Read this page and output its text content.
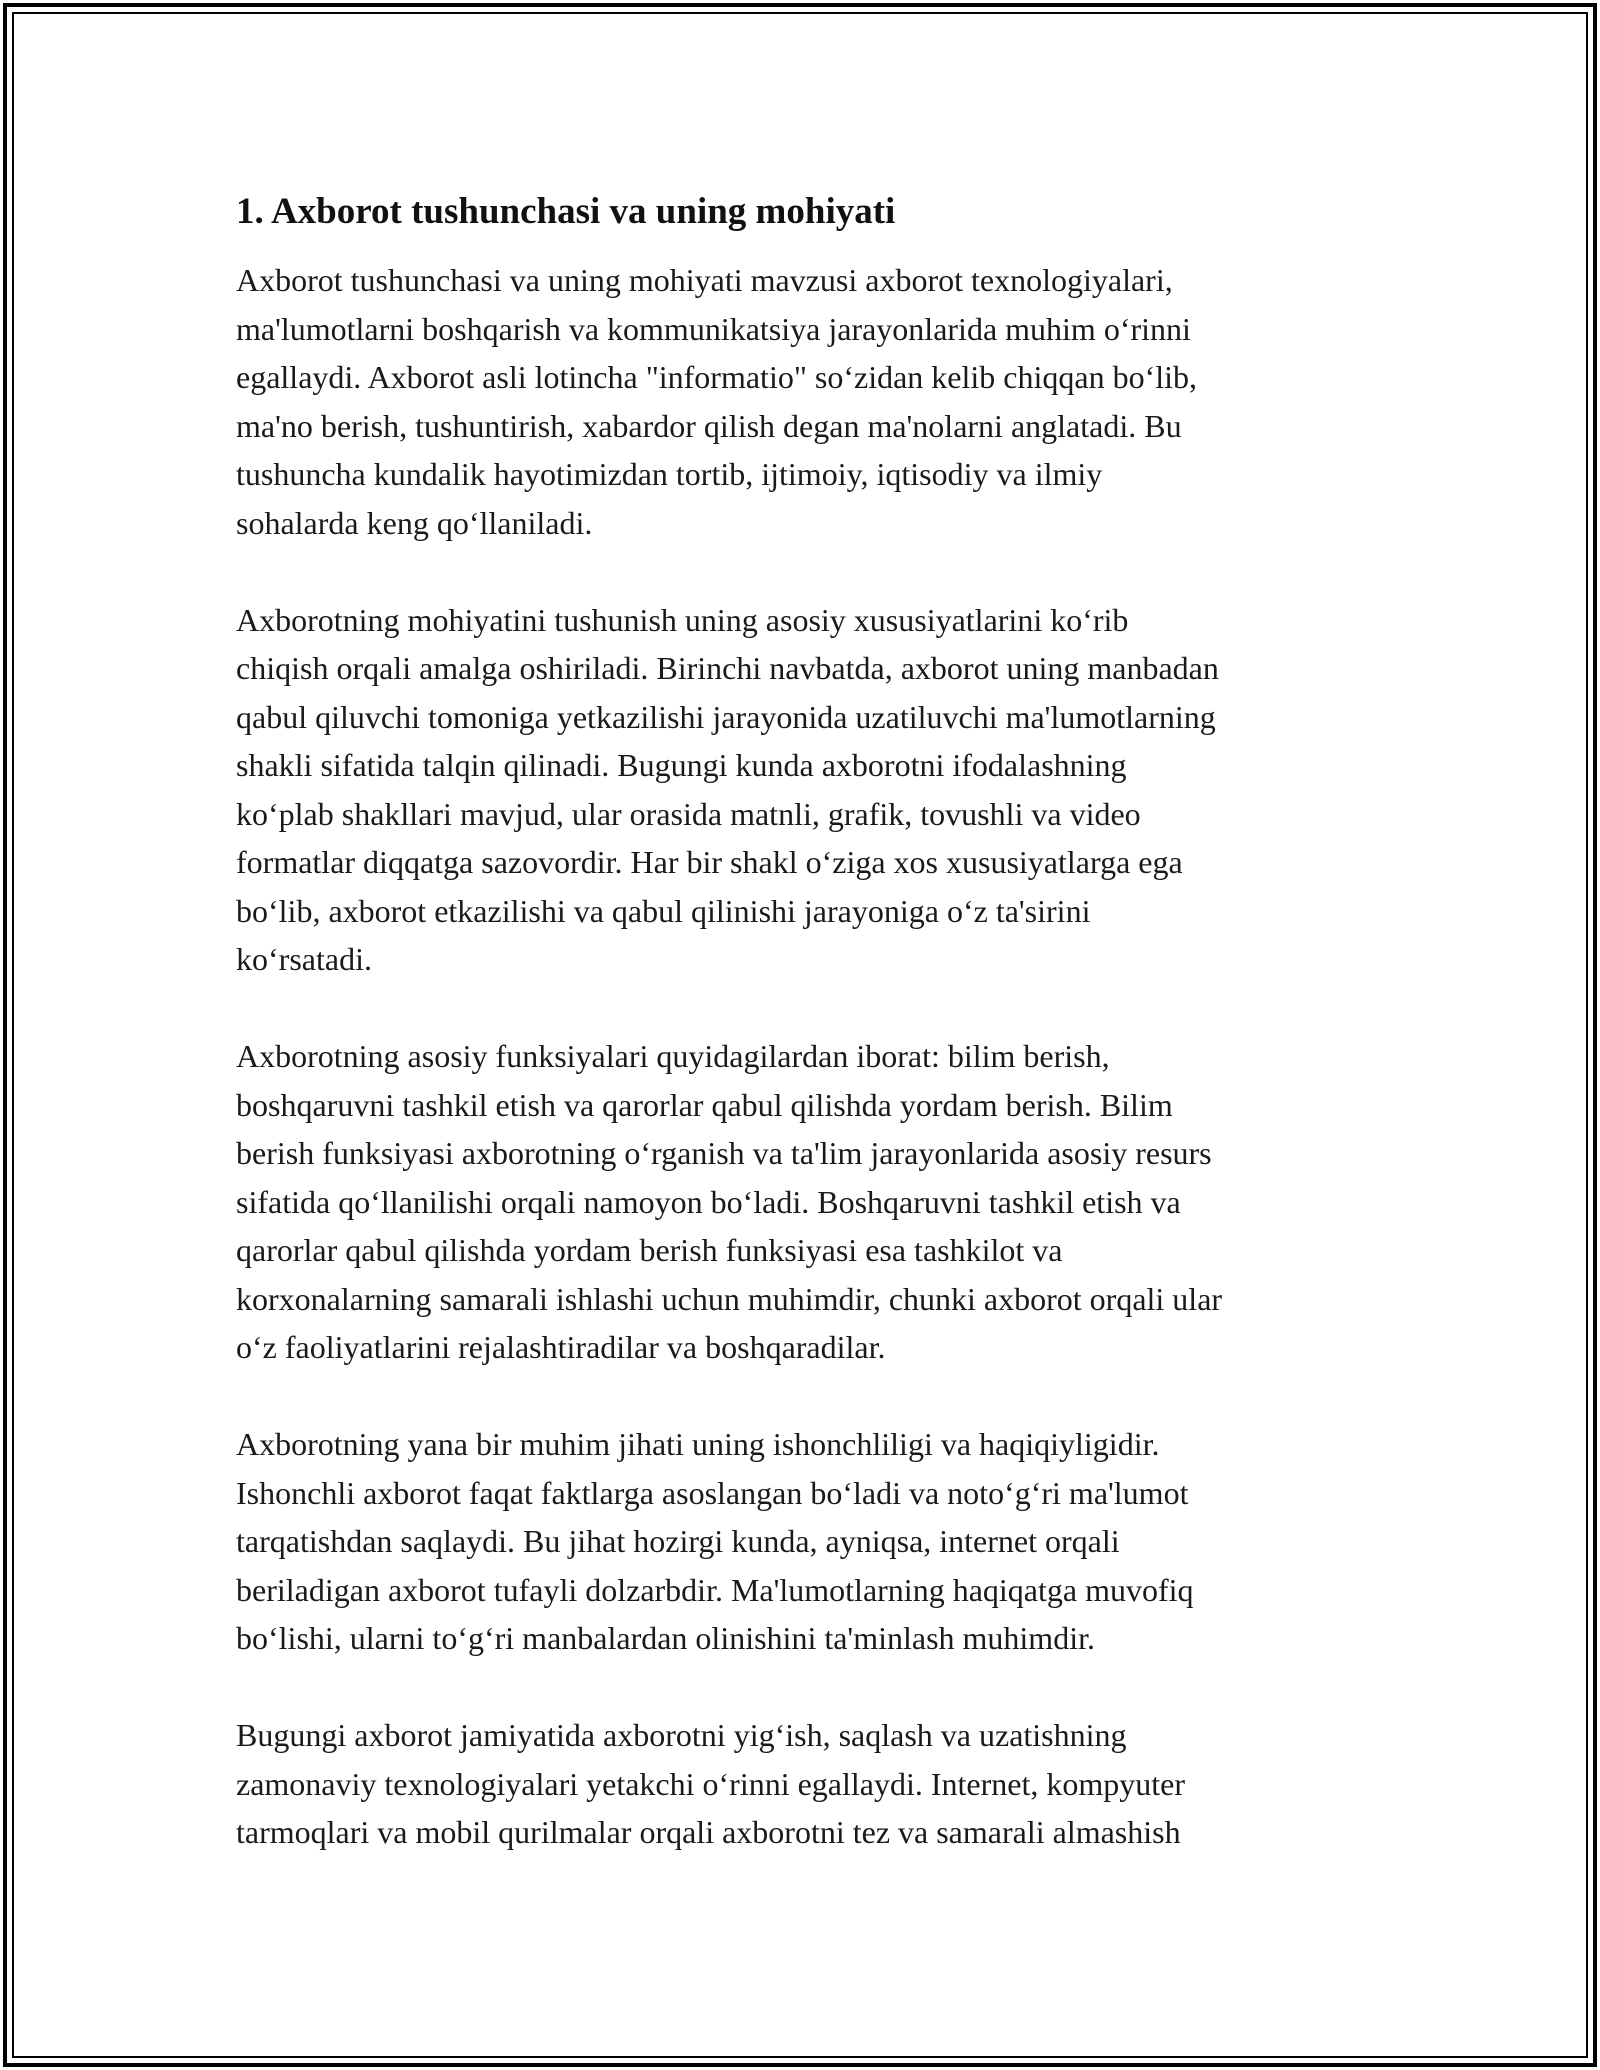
1. Axborot tushunchasi va uning mohiyati

Axborot tushunchasi va uning mohiyati mavzusi axborot texnologiyalari,
ma'lumotlarni boshqarish va kommunikatsiya jarayonlarida muhim oʻrinni
egallaydi. Axborot asli lotincha "informatio" soʻzidan kelib chiqqan boʻlib,
ma'no berish, tushuntirish, xabardor qilish degan ma'nolarni anglatadi. Bu
tushuncha kundalik hayotimizdan tortib, ijtimoiy, iqtisodiy va ilmiy
sohalarda keng qoʻllaniladi.

Axborotning mohiyatini tushunish uning asosiy xususiyatlarini koʻrib
chiqish orqali amalga oshiriladi. Birinchi navbatda, axborot uning manbadan
qabul qiluvchi tomoniga yetkazilishi jarayonida uzatiluvchi ma'lumotlarning
shakli sifatida talqin qilinadi. Bugungi kunda axborotni ifodalashning
koʻplab shakllari mavjud, ular orasida matnli, grafik, tovushli va video
formatlar diqqatga sazovordir. Har bir shakl oʻziga xos xususiyatlarga ega
boʻlib, axborot etkazilishi va qabul qilinishi jarayoniga oʻz ta'sirini
koʻrsatadi.

Axborotning asosiy funksiyalari quyidagilardan iborat: bilim berish,
boshqaruvni tashkil etish va qarorlar qabul qilishda yordam berish. Bilim
berish funksiyasi axborotning oʻrganish va ta'lim jarayonlarida asosiy resurs
sifatida qoʻllanilishi orqali namoyon boʻladi. Boshqaruvni tashkil etish va
qarorlar qabul qilishda yordam berish funksiyasi esa tashkilot va
korxonalarning samarali ishlashi uchun muhimdir, chunki axborot orqali ular
oʻz faoliyatlarini rejalashtiradilar va boshqaradilar.

Axborotning yana bir muhim jihati uning ishonchliligi va haqiqiyligidir.
Ishonchli axborot faqat faktlarga asoslangan boʻladi va notoʻgʻri ma'lumot
tarqatishdan saqlaydi. Bu jihat hozirgi kunda, ayniqsa, internet orqali
beriladigan axborot tufayli dolzarbdir. Ma'lumotlarning haqiqatga muvofiq
boʻlishi, ularni toʻgʻri manbalardan olinishini ta'minlash muhimdir.

Bugungi axborot jamiyatida axborotni yigʻish, saqlash va uzatishning
zamonaviy texnologiyalari yetakchi oʻrinni egallaydi. Internet, kompyuter
tarmoqlari va mobil qurilmalar orqali axborotni tez va samarali almashish
